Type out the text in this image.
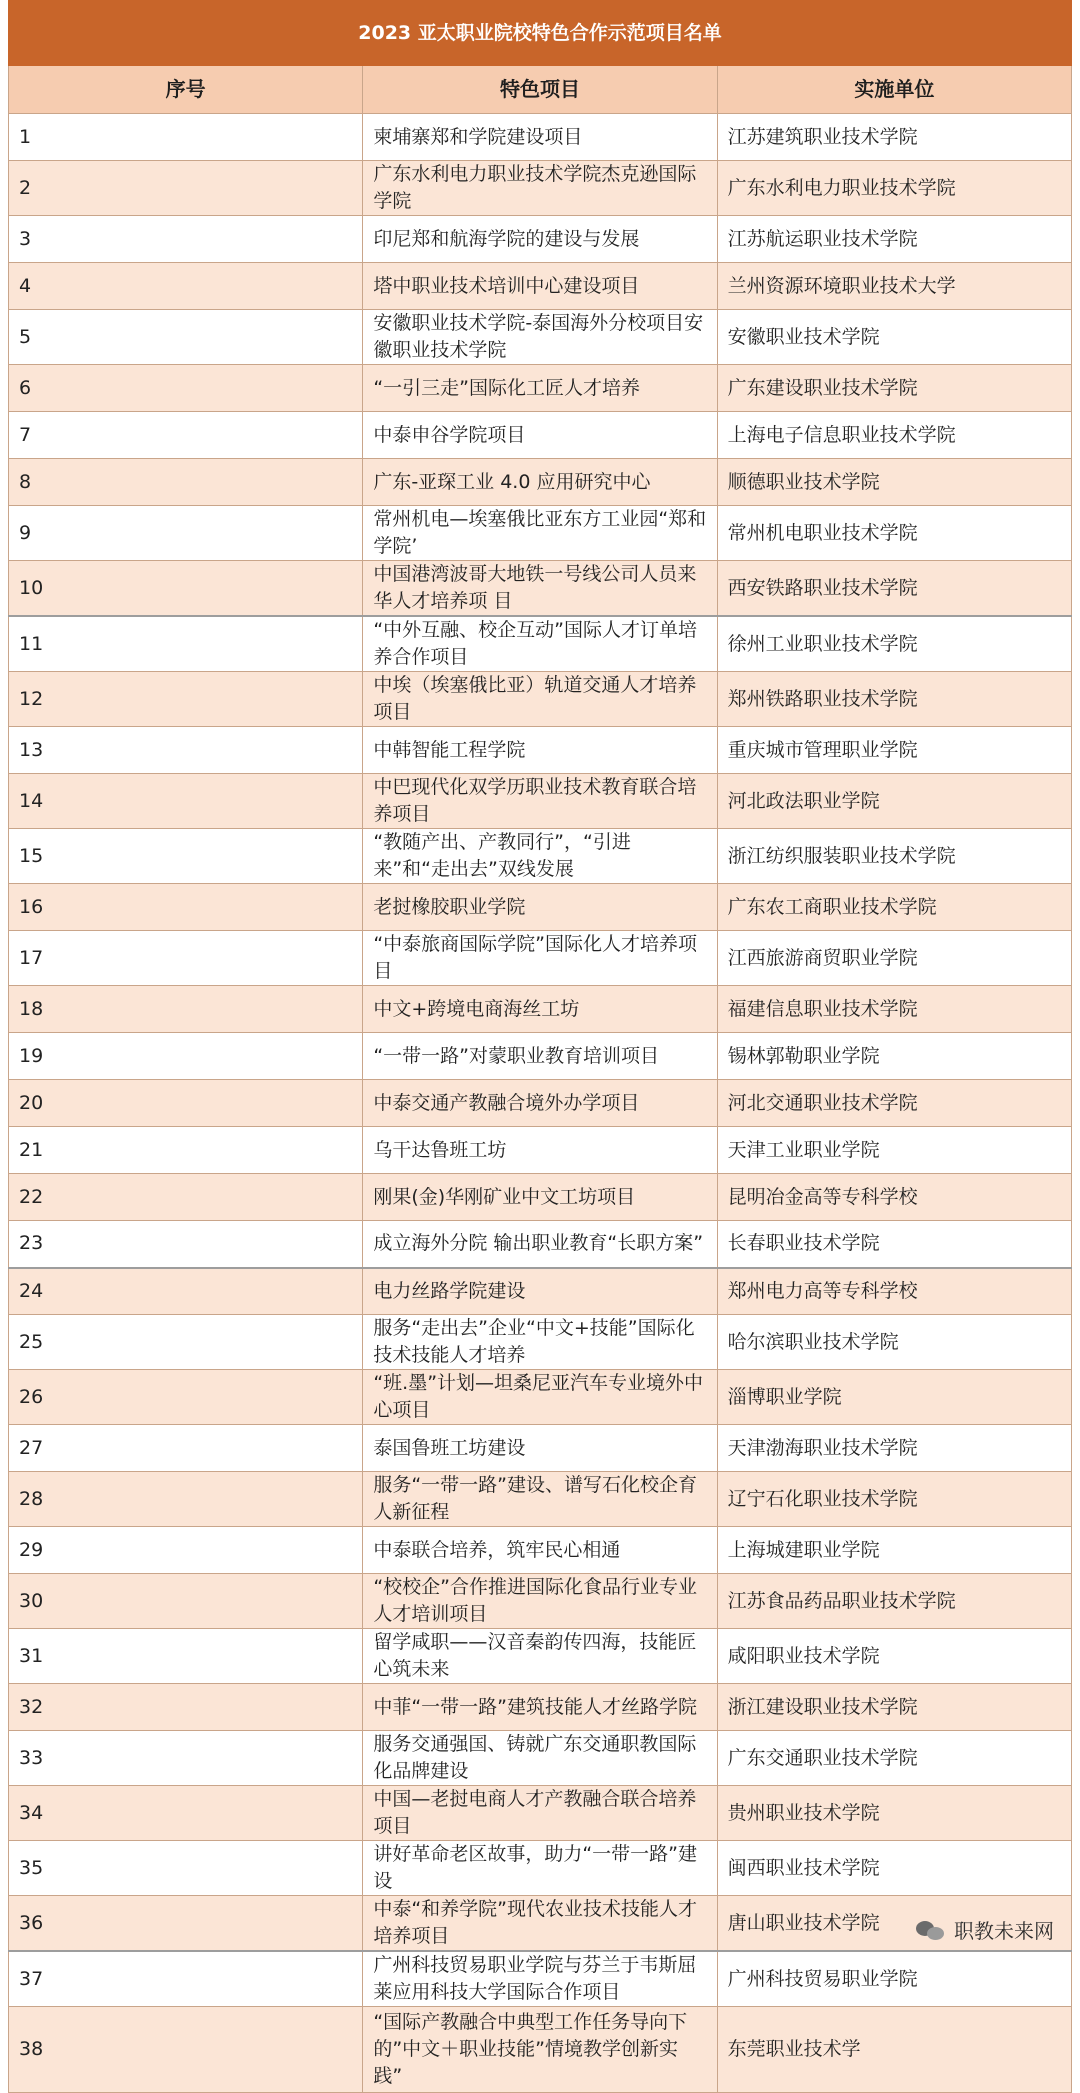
2023 亚太职业院校特色合作示范项目名单		
序号	特色项目	实施单位
1	柬埔寨郑和学院建设项目	江苏建筑职业技术学院
2	广东水利电力职业技术学院杰克逊国际学院	广东水利电力职业技术学院
3	印尼郑和航海学院的建设与发展	江苏航运职业技术学院
4	塔中职业技术培训中心建设项目	兰州资源环境职业技术大学
5	安徽职业技术学院-泰国海外分校项目安徽职业技术学院	安徽职业技术学院
6	“一引三走”国际化工匠人才培养	广东建设职业技术学院
7	中泰申谷学院项目	上海电子信息职业技术学院
8	广东-亚琛工业 4.0 应用研究中心	顺德职业技术学院
9	常州机电—埃塞俄比亚东方工业园“郑和学院’	常州机电职业技术学院
10	中国港湾波哥大地铁一号线公司人员来华人才培养项 目	西安铁路职业技术学院
11	“中外互融、校企互动”国际人才订单培养合作项目	徐州工业职业技术学院
12	中埃（埃塞俄比亚）轨道交通人才培养项目	郑州铁路职业技术学院
13	中韩智能工程学院	重庆城市管理职业学院
14	中巴现代化双学历职业技术教育联合培养项目	河北政法职业学院
15	“教随产出、产教同行”，“引进来”和“走出去”双线发展	浙江纺织服装职业技术学院
16	老挝橡胶职业学院	广东农工商职业技术学院
17	“中泰旅商国际学院”国际化人才培养项目	江西旅游商贸职业学院
18	中文+跨境电商海丝工坊	福建信息职业技术学院
19	“一带一路”对蒙职业教育培训项目	锡林郭勒职业学院
20	中泰交通产教融合境外办学项目	河北交通职业技术学院
21	乌干达鲁班工坊	天津工业职业学院
22	刚果(金)华刚矿业中文工坊项目	昆明冶金高等专科学校
23	成立海外分院 输出职业教育“长职方案”	长春职业技术学院
24	电力丝路学院建设	郑州电力高等专科学校
25	服务“走出去”企业“中文+技能”国际化技术技能人才培养	哈尔滨职业技术学院
26	“班.墨”计划—坦桑尼亚汽车专业境外中心项目	淄博职业学院
27	泰国鲁班工坊建设	天津渤海职业技术学院
28	服务“一带一路”建设、谱写石化校企育人新征程	辽宁石化职业技术学院
29	中泰联合培养，筑牢民心相通	上海城建职业学院
30	“校校企”合作推进国际化食品行业专业人才培训项目	江苏食品药品职业技术学院
31	留学咸职——汉音秦韵传四海，技能匠心筑未来	咸阳职业技术学院
32	中菲“一带一路”建筑技能人才丝路学院	浙江建设职业技术学院
33	服务交通强国、铸就广东交通职教国际化品牌建设	广东交通职业技术学院
34	中国—老挝电商人才产教融合联合培养项目	贵州职业技术学院
35	讲好革命老区故事，助力“一带一路”建设	闽西职业技术学院
36	中泰“和养学院”现代农业技术技能人才培养项目	唐山职业技术学院
37	广州科技贸易职业学院与芬兰于韦斯屈莱应用科技大学国际合作项目	广州科技贸易职业学院
38	“国际产教融合中典型工作任务导向下的”中文＋职业技能”情境教学创新实践”	东莞职业技术学
职教未来网
